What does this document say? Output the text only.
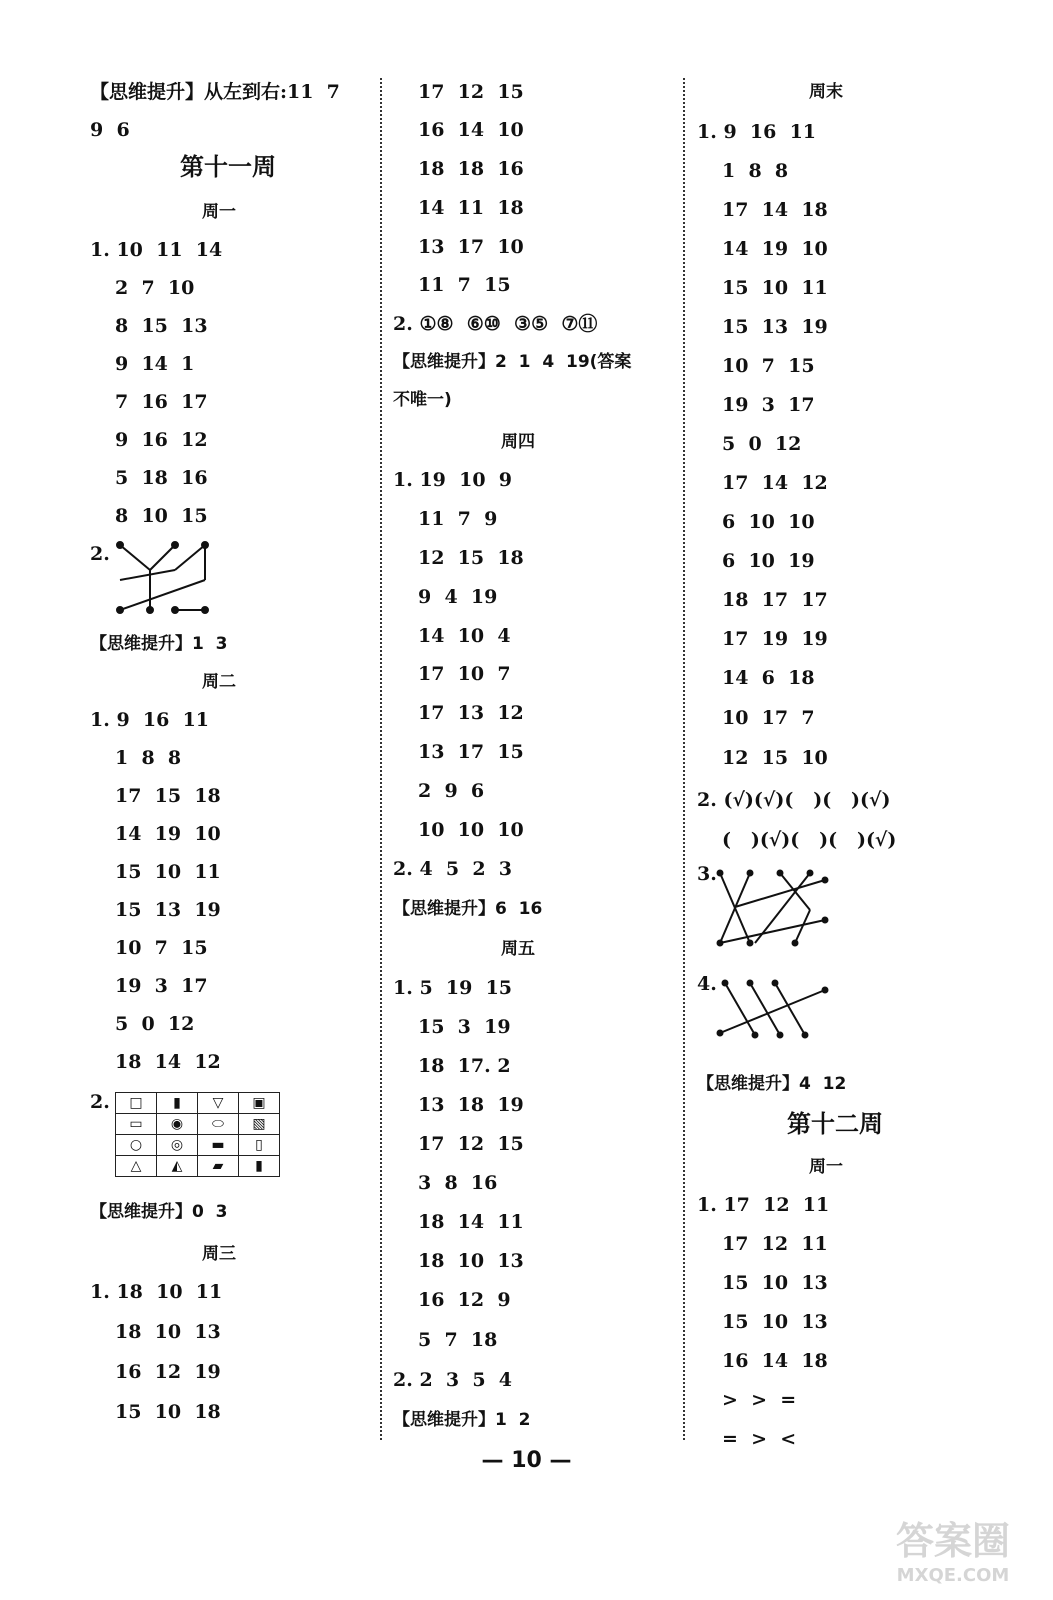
【思维提升】从左到右:11  7
9  6
第十一周
周一
1. 10  11  14
2  7  10
8  15  13
9  14  1
7  16  17
9  16  12
5  18  16
8  10  15
2.
【思维提升】1  3
周二
1. 9  16  11
1  8  8
17  15  18
14  19  10
15  10  11
15  13  19
10  7  15
19  3  17
5  0  12
18  14  12
2. □	▮	▽	▣
▭	◉	⬭	▧
○	◎	▬	▯
△	◭	▰	▮
【思维提升】0  3
周三
1. 18  10  11
18  10  13
16  12  19
15  10  18
17  12  15
16  14  10
18  18  16
14  11  18
13  17  10
11  7  15
2. ①⑧  ⑥⑩  ③⑤  ⑦⑪
【思维提升】2  1  4  19(答案
不唯一)
周四
1. 19  10  9
11  7  9
12  15  18
9  4  19
14  10  4
17  10  7
17  13  12
13  17  15
2  9  6
10  10  10
2. 4  5  2  3
【思维提升】6  16
周五
1. 5  19  15
15  3  19
18  17. 2
13  18  19
17  12  15
3  8  16
18  14  11
18  10  13
16  12  9
5  7  18
2. 2  3  5  4
【思维提升】1  2
周末
1. 9  16  11
1  8  8
17  14  18
14  19  10
15  10  11
15  13  19
10  7  15
19  3  17
5  0  12
17  14  12
6  10  10
6  10  19
18  17  17
17  19  19
14  6  18
10  17  7
12  15  10
2. (√)(√)(   )(   )(√)
(   )(√)(   )(   )(√)
3.
4.
【思维提升】4  12
第十二周
周一
1. 17  12  11
17  12  11
15  10  13
15  10  13
16  14  18
>  >  =
=  >  <
— 10 —
答案圈
MXQE.COM
